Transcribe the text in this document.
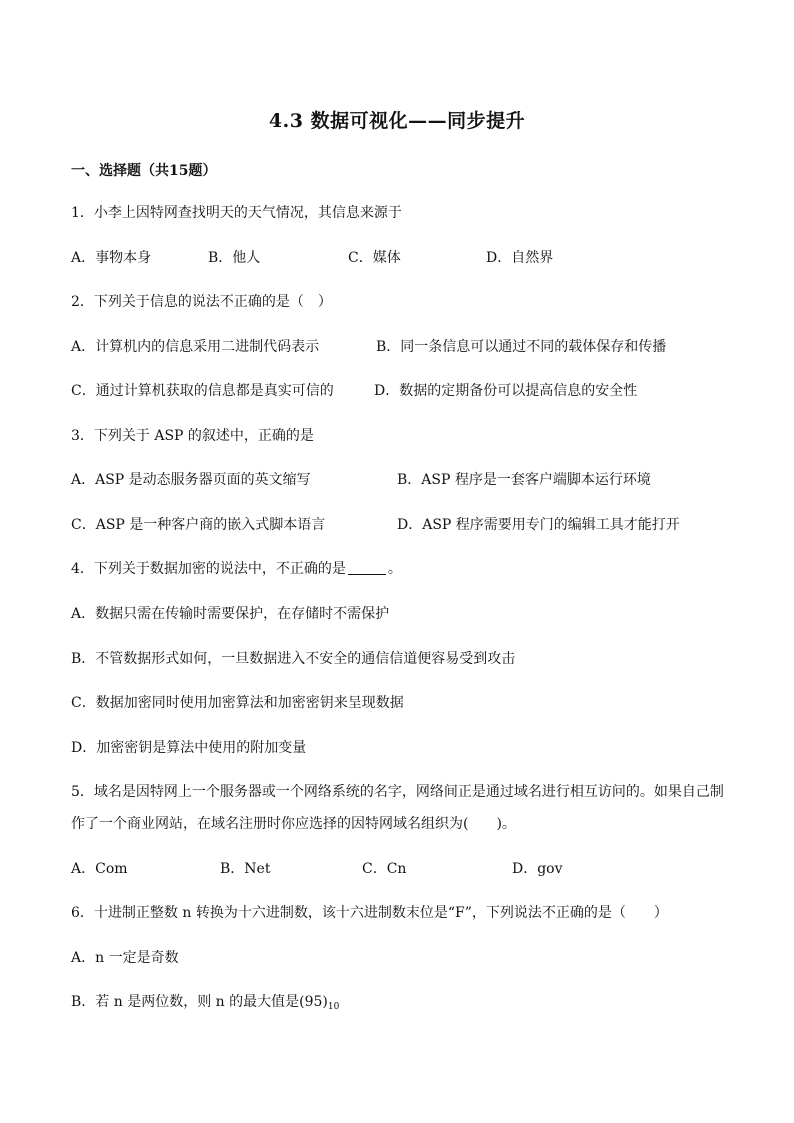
4.3 数据可视化——同步提升
一、选择题（共15题）
1．小李上因特网查找明天的天气情况，其信息来源于
A．事物本身	B．他人	C．媒体	D．自然界
2．下列关于信息的说法不正确的是（　）
A．计算机内的信息采用二进制代码表示	B．同一条信息可以通过不同的载体保存和传播
C．通过计算机获取的信息都是真实可信的	D．数据的定期备份可以提高信息的安全性
3．下列关于 ASP 的叙述中，正确的是
A．ASP 是动态服务器页面的英文缩写	B．ASP 程序是一套客户端脚本运行环境
C．ASP 是一种客户商的嵌入式脚本语言	D．ASP 程序需要用专门的编辑工具才能打开
4．下列关于数据加密的说法中，不正确的是	。
A．数据只需在传输时需要保护，在存储时不需保护
B．不管数据形式如何，一旦数据进入不安全的通信信道便容易受到攻击
C．数据加密同时使用加密算法和加密密钥来呈现数据
D．加密密钥是算法中使用的附加变量
5．域名是因特网上一个服务器或一个网络系统的名字，网络间正是通过域名进行相互访问的。如果自己制
作了一个商业网站，在域名注册时你应选择的因特网域名组织为(　　)。
A．Com	B．Net	C．Cn	D．gov
6．十进制正整数 n 转换为十六进制数，该十六进制数末位是“F”，下列说法不正确的是（　　）
A．n 一定是奇数
B．若 n 是两位数，则 n 的最大值是$(95)_{10}$
